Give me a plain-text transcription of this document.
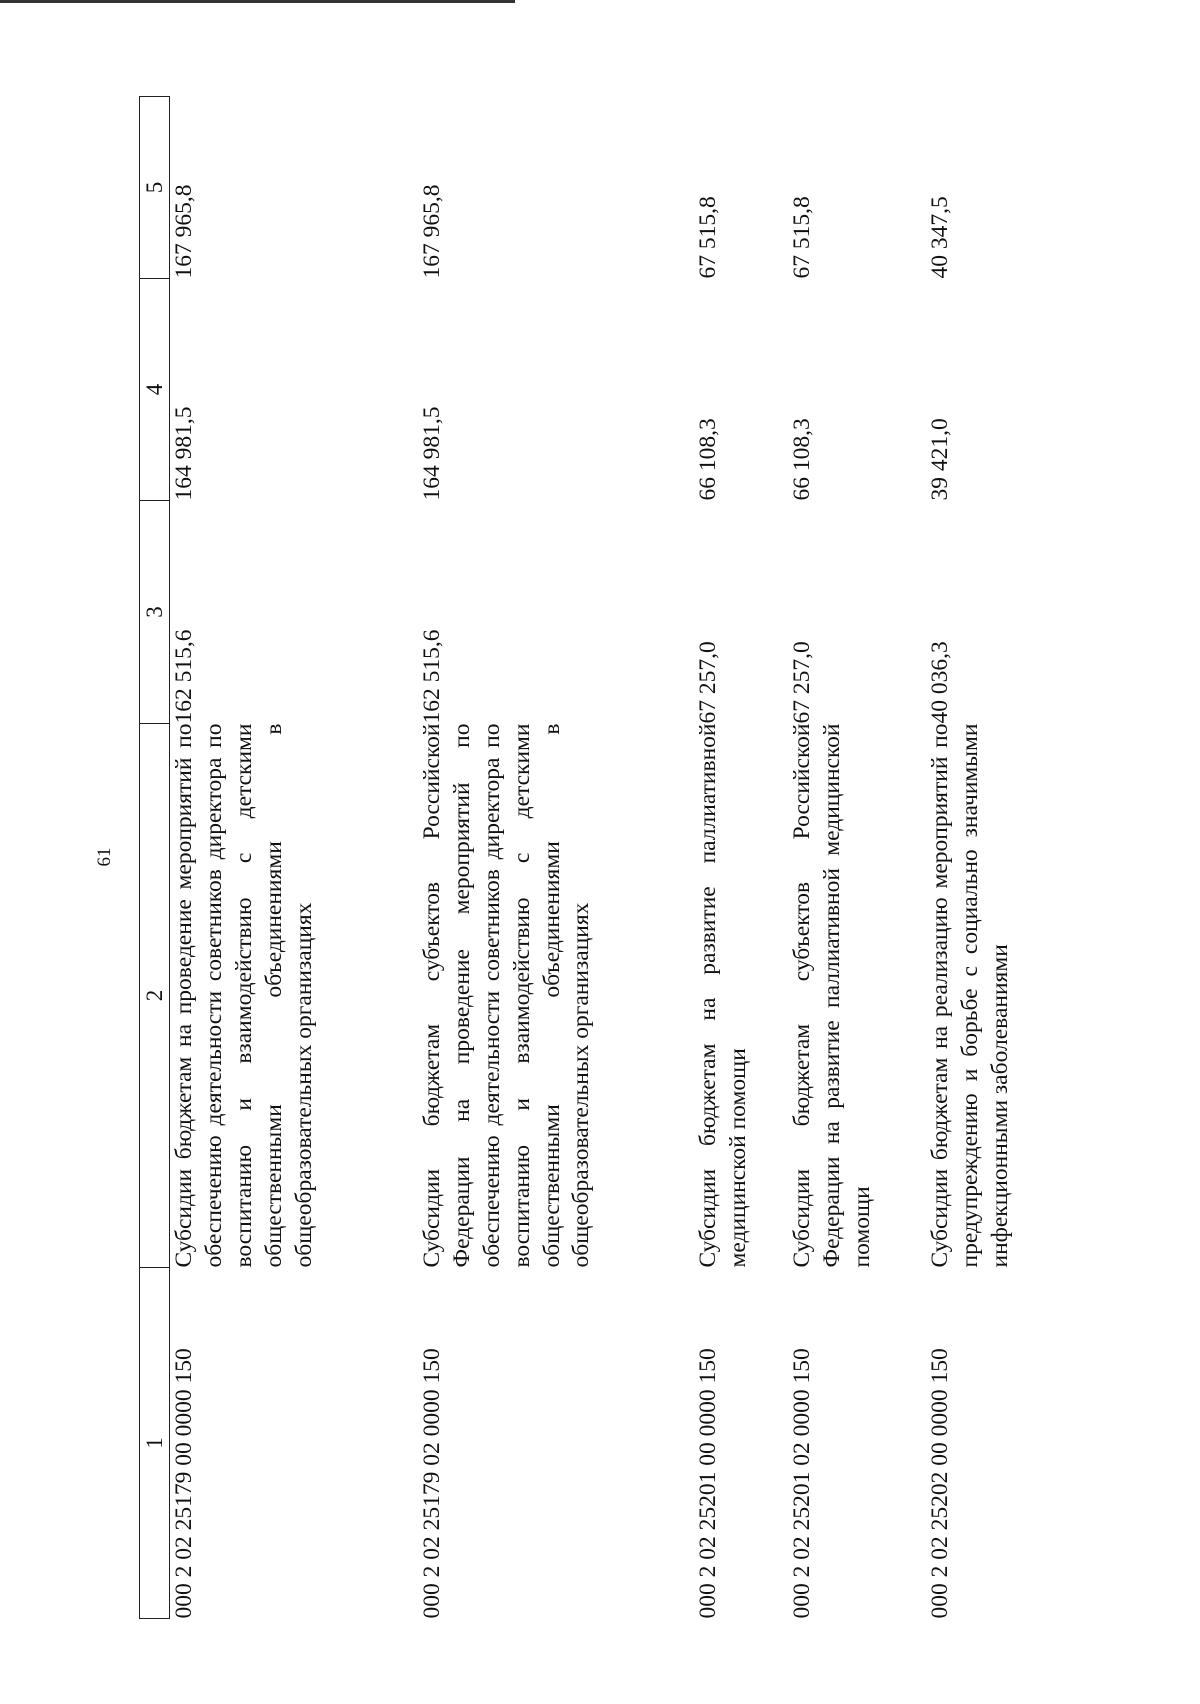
61
1	2	3	4	5
000 2 02 25179 00 0000 150	Субсидии бюджетам на проведение мероприятий по обеспечению деятельности советников директора по воспитанию и взаимодействию с детскими общественными объединениями в общеобразовательных организациях	162 515,6	164 981,5	167 965,8
000 2 02 25179 02 0000 150	Субсидии бюджетам субъектов Российской Федерации на проведение мероприятий по обеспечению деятельности советников директора по воспитанию и взаимодействию с детскими общественными объединениями в общеобразовательных организациях	162 515,6	164 981,5	167 965,8
000 2 02 25201 00 0000 150	Субсидии бюджетам на развитие паллиативной медицинской помощи	67 257,0	66 108,3	67 515,8
000 2 02 25201 02 0000 150	Субсидии бюджетам субъектов Российской Федерации на развитие паллиативной медицинской помощи	67 257,0	66 108,3	67 515,8
000 2 02 25202 00 0000 150	Субсидии бюджетам на реализацию мероприятий по предупреждению и борьбе с социально значимыми инфекционными заболеваниями	40 036,3	39 421,0	40 347,5
